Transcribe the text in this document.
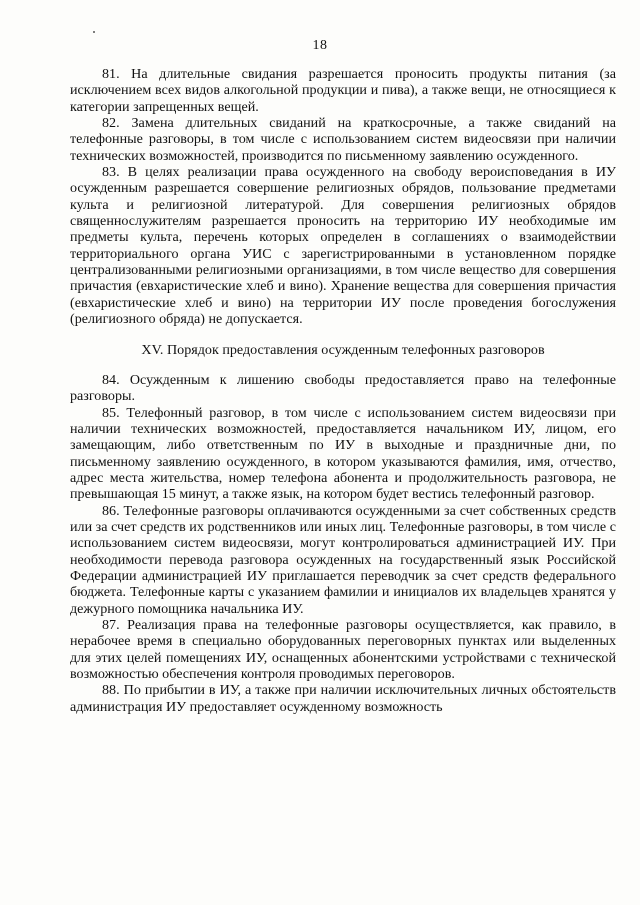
18

81. На длительные свидания разрешается проносить продукты питания (за исключением всех видов алкогольной продукции и пива), а также вещи, не относящиеся к категории запрещенных вещей.

82. Замена длительных свиданий на краткосрочные, а также свиданий на телефонные разговоры, в том числе с использованием систем видеосвязи при наличии технических возможностей, производится по письменному заявлению осужденного.

83. В целях реализации права осужденного на свободу вероисповедания в ИУ осужденным разрешается совершение религиозных обрядов, пользование предметами культа и религиозной литературой. Для совершения религиозных обрядов священнослужителям разрешается проносить на территорию ИУ необходимые им предметы культа, перечень которых определен в соглашениях о взаимодействии территориального органа УИС с зарегистрированными в установленном порядке централизованными религиозными организациями, в том числе вещество для совершения причастия (евхаристические хлеб и вино). Хранение вещества для совершения причастия (евхаристические хлеб и вино) на территории ИУ после проведения богослужения (религиозного обряда) не допускается.

XV. Порядок предоставления осужденным телефонных разговоров

84. Осужденным к лишению свободы предоставляется право на телефонные разговоры.

85. Телефонный разговор, в том числе с использованием систем видеосвязи при наличии технических возможностей, предоставляется начальником ИУ, лицом, его замещающим, либо ответственным по ИУ в выходные и праздничные дни, по письменному заявлению осужденного, в котором указываются фамилия, имя, отчество, адрес места жительства, номер телефона абонента и продолжительность разговора, не превышающая 15 минут, а также язык, на котором будет вестись телефонный разговор.

86. Телефонные разговоры оплачиваются осужденными за счет собственных средств или за счет средств их родственников или иных лиц. Телефонные разговоры, в том числе с использованием систем видеосвязи, могут контролироваться администрацией ИУ. При необходимости перевода разговора осужденных на государственный язык Российской Федерации администрацией ИУ приглашается переводчик за счет средств федерального бюджета. Телефонные карты с указанием фамилии и инициалов их владельцев хранятся у дежурного помощника начальника ИУ.

87. Реализация права на телефонные разговоры осуществляется, как правило, в нерабочее время в специально оборудованных переговорных пунктах или выделенных для этих целей помещениях ИУ, оснащенных абонентскими устройствами с технической возможностью обеспечения контроля проводимых переговоров.

88. По прибытии в ИУ, а также при наличии исключительных личных обстоятельств администрация ИУ предоставляет осужденному возможность
